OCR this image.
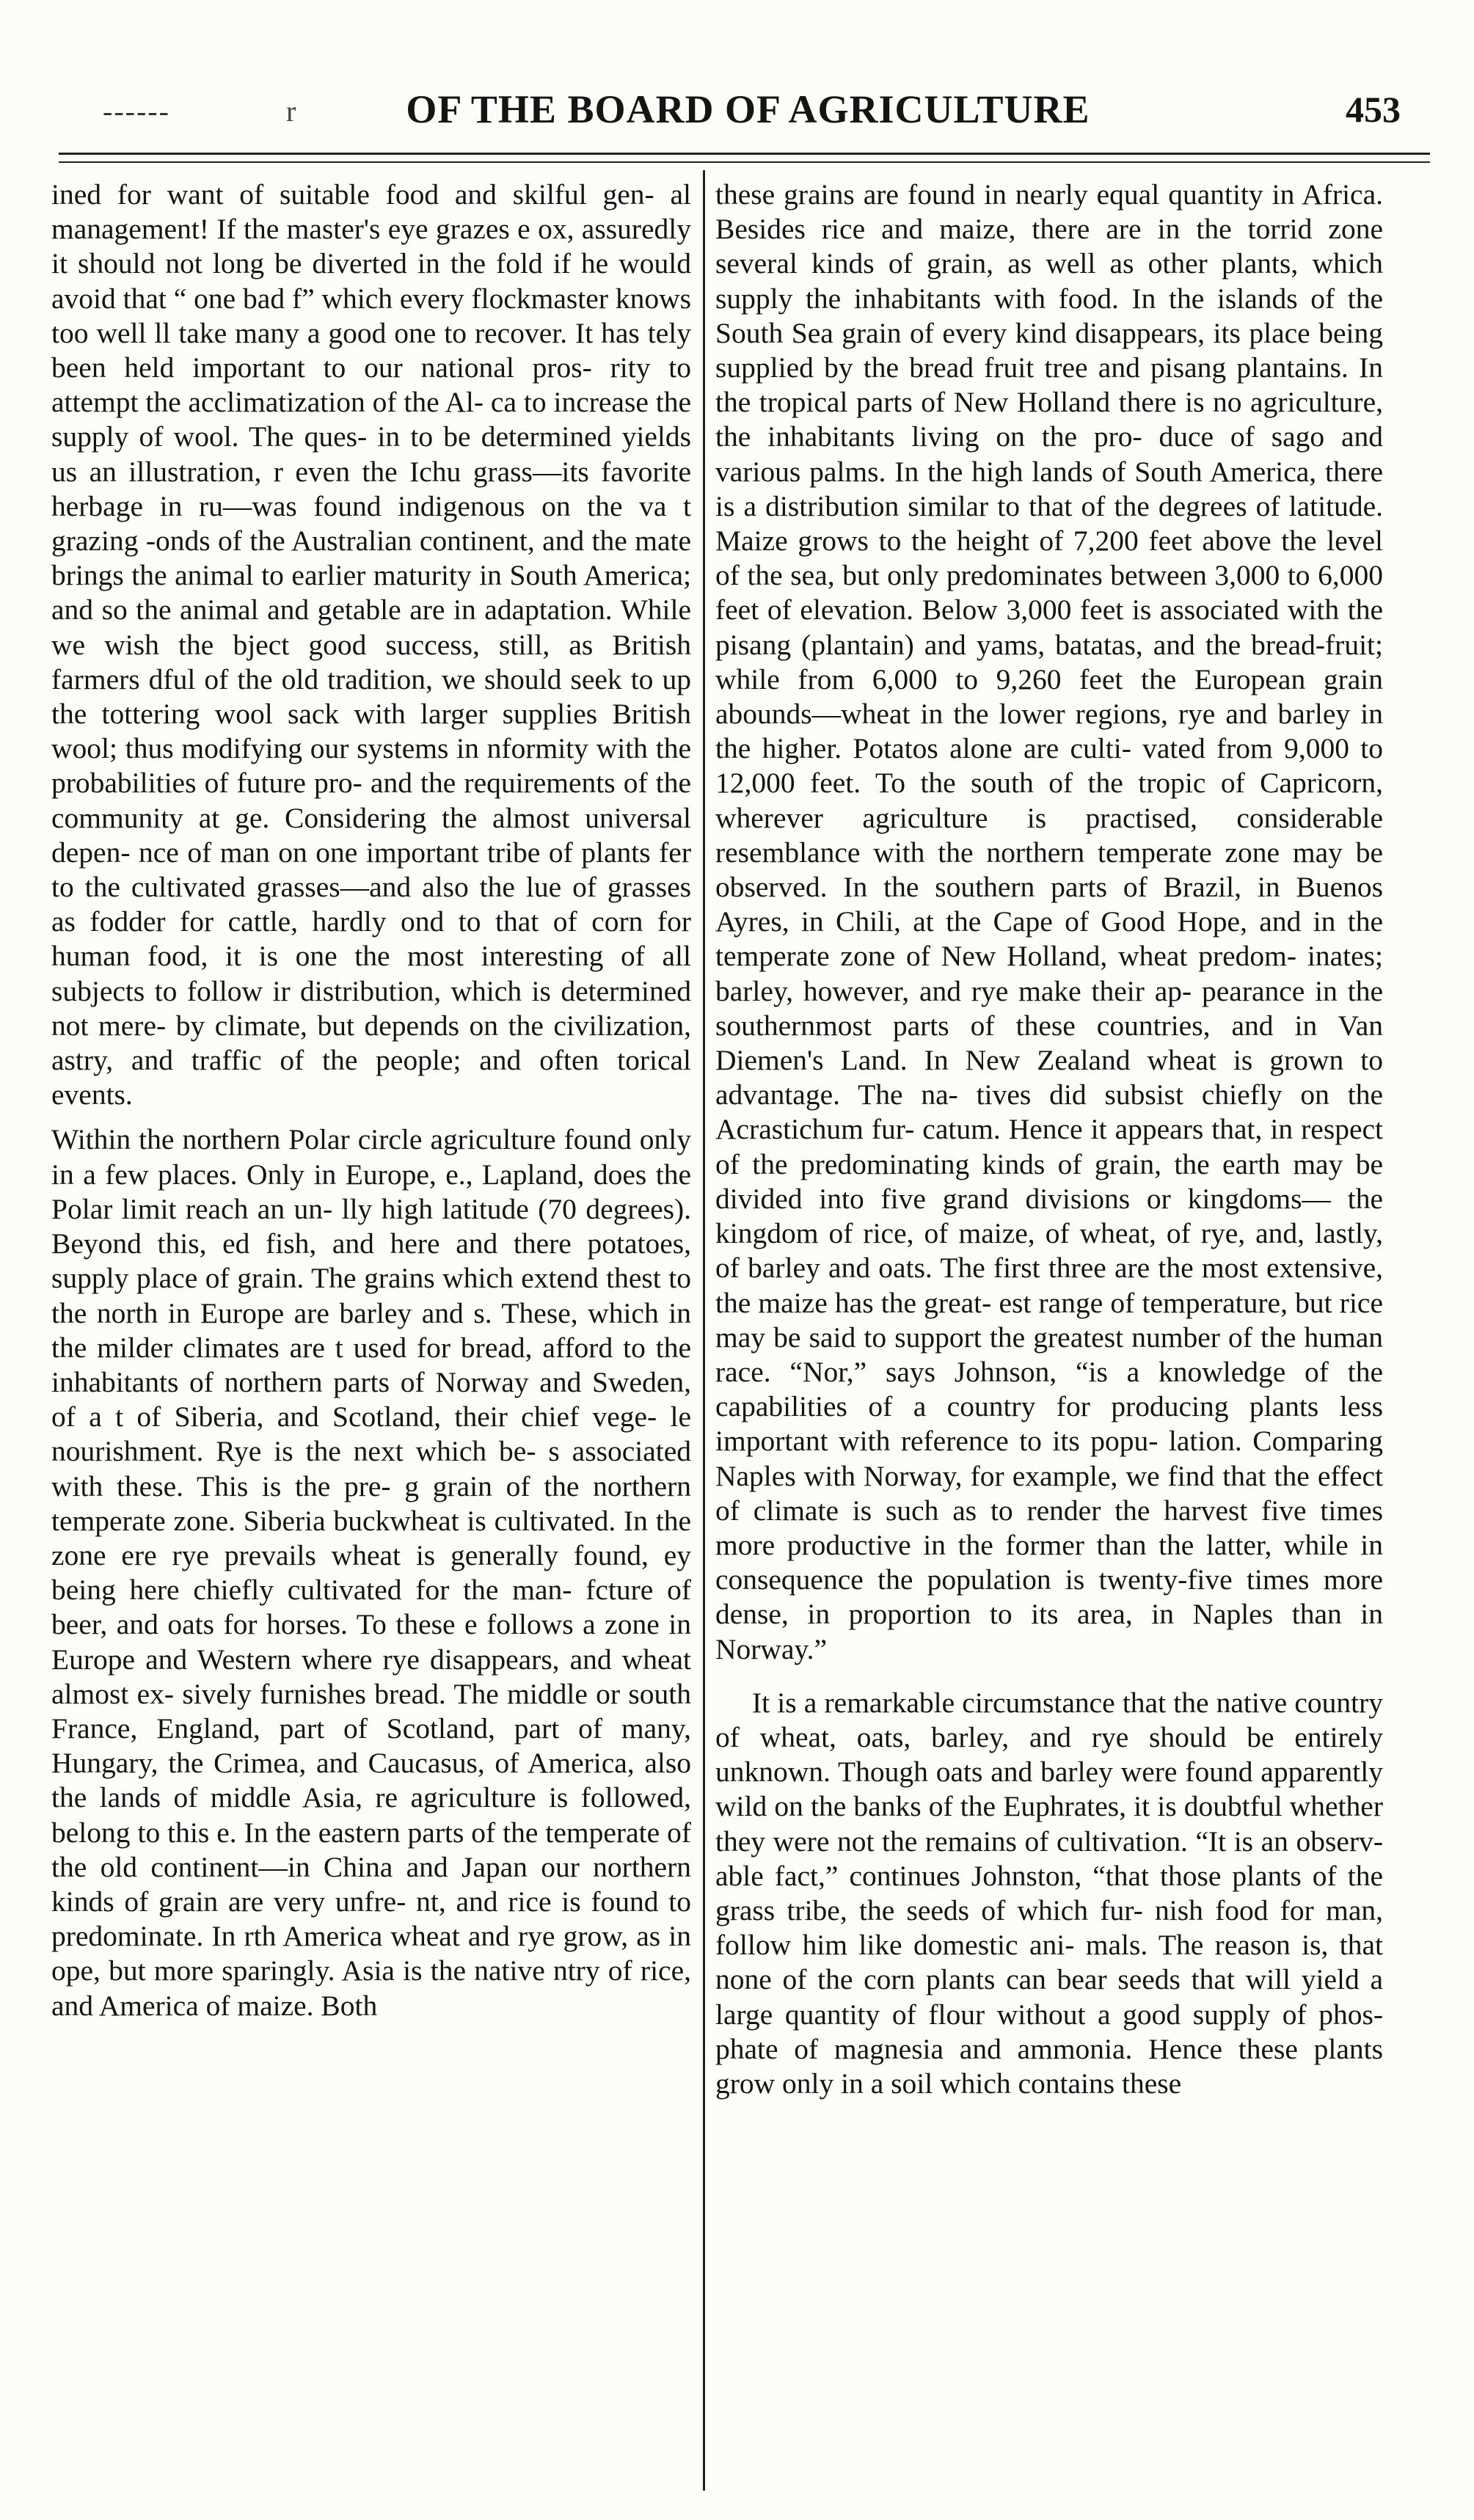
------	r	OF THE BOARD OF AGRICULTURE	453

ined for want of suitable food and skilful gen- al management! If the master's eye grazes e ox, assuredly it should not long be diverted in the fold if he would avoid that “ one bad f” which every flockmaster knows too well ll take many a good one to recover. It has tely been held important to our national pros- rity to attempt the acclimatization of the Al- ca to increase the supply of wool. The ques- in to be determined yields us an illustration, r even the Ichu grass—its favorite herbage in ru—was found indigenous on the va t grazing -onds of the Australian continent, and the mate brings the animal to earlier maturity in South America; and so the animal and getable are in adaptation. While we wish the bject good success, still, as British farmers dful of the old tradition, we should seek to up the tottering wool sack with larger supplies British wool; thus modifying our systems in nformity with the probabilities of future pro- and the requirements of the community at ge. Considering the almost universal depen- nce of man on one important tribe of plants fer to the cultivated grasses—and also the lue of grasses as fodder for cattle, hardly ond to that of corn for human food, it is one the most interesting of all subjects to follow ir distribution, which is determined not mere- by climate, but depends on the civilization, astry, and traffic of the people; and often torical events.

Within the northern Polar circle agriculture found only in a few places. Only in Europe, e., Lapland, does the Polar limit reach an un- lly high latitude (70 degrees). Beyond this, ed fish, and here and there potatoes, supply place of grain. The grains which extend thest to the north in Europe are barley and s. These, which in the milder climates are t used for bread, afford to the inhabitants of northern parts of Norway and Sweden, of a t of Siberia, and Scotland, their chief vege- le nourishment. Rye is the next which be- s associated with these. This is the pre- g grain of the northern temperate zone. Siberia buckwheat is cultivated. In the zone ere rye prevails wheat is generally found, ey being here chiefly cultivated for the man- fcture of beer, and oats for horses. To these e follows a zone in Europe and Western where rye disappears, and wheat almost ex- sively furnishes bread. The middle or south France, England, part of Scotland, part of many, Hungary, the Crimea, and Caucasus, of America, also the lands of middle Asia, re agriculture is followed, belong to this e. In the eastern parts of the temperate of the old continent—in China and Japan our northern kinds of grain are very unfre- nt, and rice is found to predominate. In rth America wheat and rye grow, as in ope, but more sparingly. Asia is the native ntry of rice, and America of maize. Both

these grains are found in nearly equal quantity in Africa. Besides rice and maize, there are in the torrid zone several kinds of grain, as well as other plants, which supply the inhabitants with food. In the islands of the South Sea grain of every kind disappears, its place being supplied by the bread fruit tree and pisang plantains. In the tropical parts of New Holland there is no agriculture, the inhabitants living on the pro- duce of sago and various palms. In the high lands of South America, there is a distribution similar to that of the degrees of latitude. Maize grows to the height of 7,200 feet above the level of the sea, but only predominates between 3,000 to 6,000 feet of elevation. Below 3,000 feet is associated with the pisang (plantain) and yams, batatas, and the bread-fruit; while from 6,000 to 9,260 feet the European grain abounds—wheat in the lower regions, rye and barley in the higher. Potatos alone are culti- vated from 9,000 to 12,000 feet. To the south of the tropic of Capricorn, wherever agriculture is practised, considerable resemblance with the northern temperate zone may be observed. In the southern parts of Brazil, in Buenos Ayres, in Chili, at the Cape of Good Hope, and in the temperate zone of New Holland, wheat predom- inates; barley, however, and rye make their ap- pearance in the southernmost parts of these countries, and in Van Diemen's Land. In New Zealand wheat is grown to advantage. The na- tives did subsist chiefly on the Acrastichum fur- catum. Hence it appears that, in respect of the predominating kinds of grain, the earth may be divided into five grand divisions or kingdoms— the kingdom of rice, of maize, of wheat, of rye, and, lastly, of barley and oats. The first three are the most extensive, the maize has the great- est range of temperature, but rice may be said to support the greatest number of the human race. “Nor,” says Johnson, “is a knowledge of the capabilities of a country for producing plants less important with reference to its popu- lation. Comparing Naples with Norway, for example, we find that the effect of climate is such as to render the harvest five times more productive in the former than the latter, while in consequence the population is twenty-five times more dense, in proportion to its area, in Naples than in Norway.”

It is a remarkable circumstance that the native country of wheat, oats, barley, and rye should be entirely unknown. Though oats and barley were found apparently wild on the banks of the Euphrates, it is doubtful whether they were not the remains of cultivation. “It is an observ- able fact,” continues Johnston, “that those plants of the grass tribe, the seeds of which fur- nish food for man, follow him like domestic ani- mals. The reason is, that none of the corn plants can bear seeds that will yield a large quantity of flour without a good supply of phos- phate of magnesia and ammonia. Hence these plants grow only in a soil which contains these
